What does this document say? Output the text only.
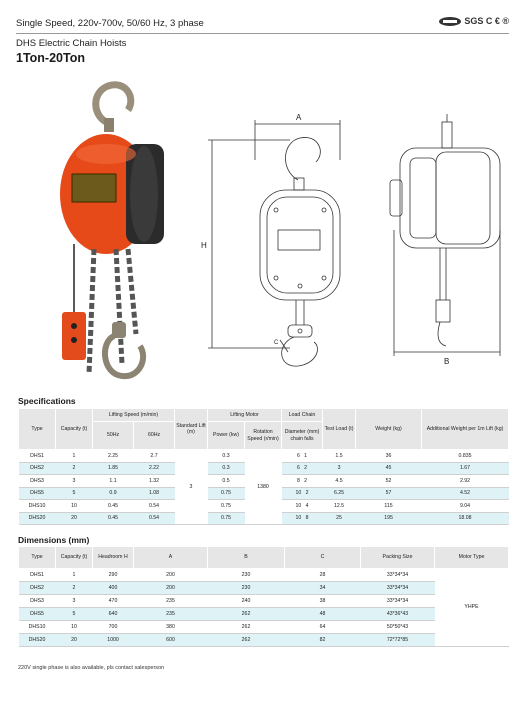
Single Speed, 220v-700v, 50/60 Hz, 3 phase
DHS Electric Chain Hoists
1Ton-20Ton
SGS C € ®
A
H
C
B
Specifications
Type	Capacity (t)	Lifting Speed (m/min)		Standard Lift (m)	Lifting Motor		Load Chain	Test Load (t)	Weight (kg)	Additional Weight per 1m Lift (kg)
		50Hz	60Hz		Power (kw)	Rotation Speed (r/min)	Diameter (mm) chain falls			
DHS1	1	2.25	2.7	3	0.3	1380	6 1	1.5	36	0.835
DHS2	2	1.85	2.22		0.3		6 2	3	45	1.67
DHS3	3	1.1	1.32		0.5		8 2	4.5	52	2.92
DHS5	5	0.9	1.08		0.75		10 2	6.25	57	4.52
DHS10	10	0.45	0.54		0.75		10 4	12.5	115	9.04
DHS20	20	0.45	0.54		0.75		10 8	25	195	18.08
Dimensions (mm)
Type	Capacity (t)	Headroom H	A	B	C	Packing Size	Motor Type
DHS1	1	290	200	230	28	33*34*34	YHPE
DHS2	2	400	200	230	34	33*34*34	
DHS3	3	470	235	240	38	33*34*34	
DHS5	5	640	235	262	48	43*36*43	
DHS10	10	700	380	262	64	50*50*43	
DHS20	20	1000	600	262	82	72*72*85	
220V single phase is also available, pls contact salesperson
